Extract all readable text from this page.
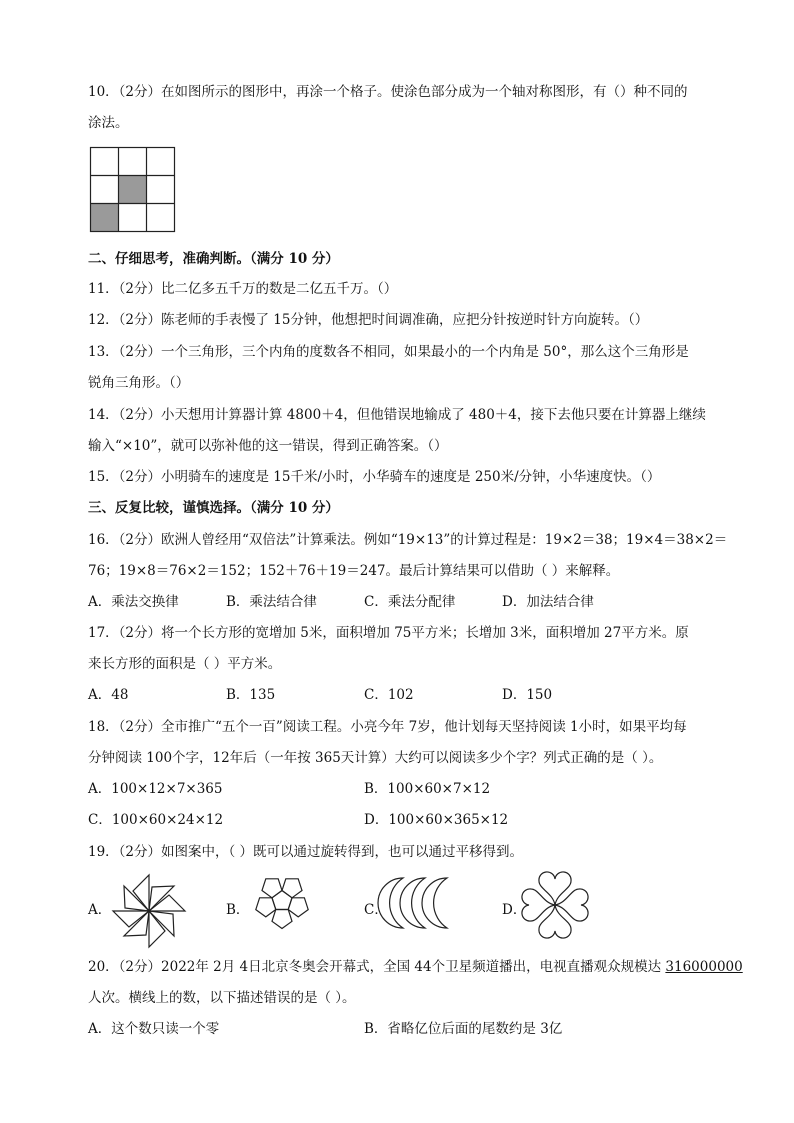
10．（2分）在如图所示的图形中，再涂一个格子。使涂色部分成为一个轴对称图形，有（）种不同的
涂法。
二、仔细思考，准确判断。（满分 10 分）
11．（2分）比二亿多五千万的数是二亿五千万。（）
12．（2分）陈老师的手表慢了 15分钟，他想把时间调准确，应把分针按逆时针方向旋转。（）
13．（2分）一个三角形，三个内角的度数各不相同，如果最小的一个内角是 50°，那么这个三角形是
锐角三角形。（）
14．（2分）小天想用计算器计算 4800＋4，但他错误地输成了 480＋4，接下去他只要在计算器上继续
输入“×10”，就可以弥补他的这一错误，得到正确答案。（）
15．（2分）小明骑车的速度是 15千米/小时，小华骑车的速度是 250米/分钟，小华速度快。（）
三、反复比较，谨慎选择。（满分 10 分）
16．（2分）欧洲人曾经用“双倍法”计算乘法。例如“19×13”的计算过程是：19×2＝38；19×4＝38×2＝
76；19×8＝76×2＝152；152＋76＋19＝247。最后计算结果可以借助（ ）来解释。
A．乘法交换律	B．乘法结合律	C．乘法分配律	D．加法结合律
17．（2分）将一个长方形的宽增加 5米，面积增加 75平方米；长增加 3米，面积增加 27平方米。原
来长方形的面积是（ ）平方米。
A．48	B．135	C．102	D．150
18．（2分）全市推广“五个一百”阅读工程。小亮今年 7岁，他计划每天坚持阅读 1小时，如果平均每
分钟阅读 100个字，12年后（一年按 365天计算）大约可以阅读多少个字？列式正确的是（ ）。
A．100×12×7×365	B．100×60×7×12
C．100×60×24×12	D．100×60×365×12
19．（2分）如图案中，（ ）既可以通过旋转得到，也可以通过平移得到。
A．	B．	C．	D．
20．（2分）2022年 2月 4日北京冬奥会开幕式，全国 44个卫星频道播出，电视直播观众规模达 316000000
人次。横线上的数，以下描述错误的是（ ）。
A．这个数只读一个零	B．省略亿位后面的尾数约是 3亿
